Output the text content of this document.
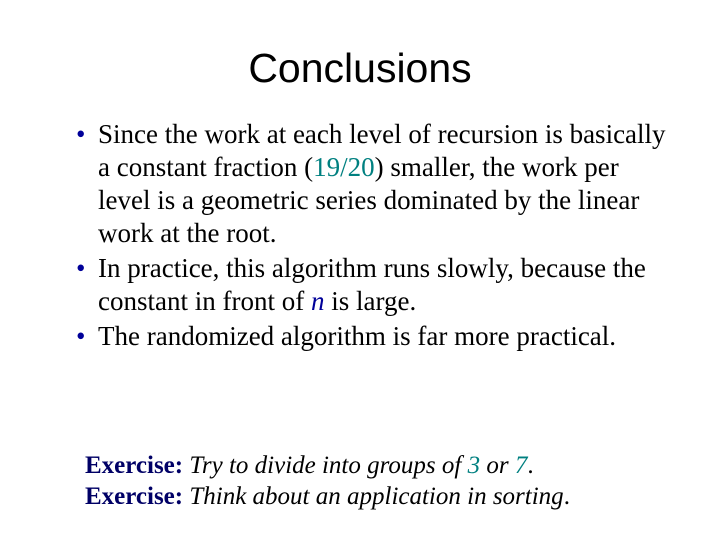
Conclusions
• Since the work at each level of recursion is basically a constant fraction (19/20) smaller, the work per level is a geometric series dominated by the linear work at the root.
• In practice, this algorithm runs slowly, because the constant in front of n is large.
• The randomized algorithm is far more practical.
Exercise: Try to divide into groups of 3 or 7.
Exercise: Think about an application in sorting.
